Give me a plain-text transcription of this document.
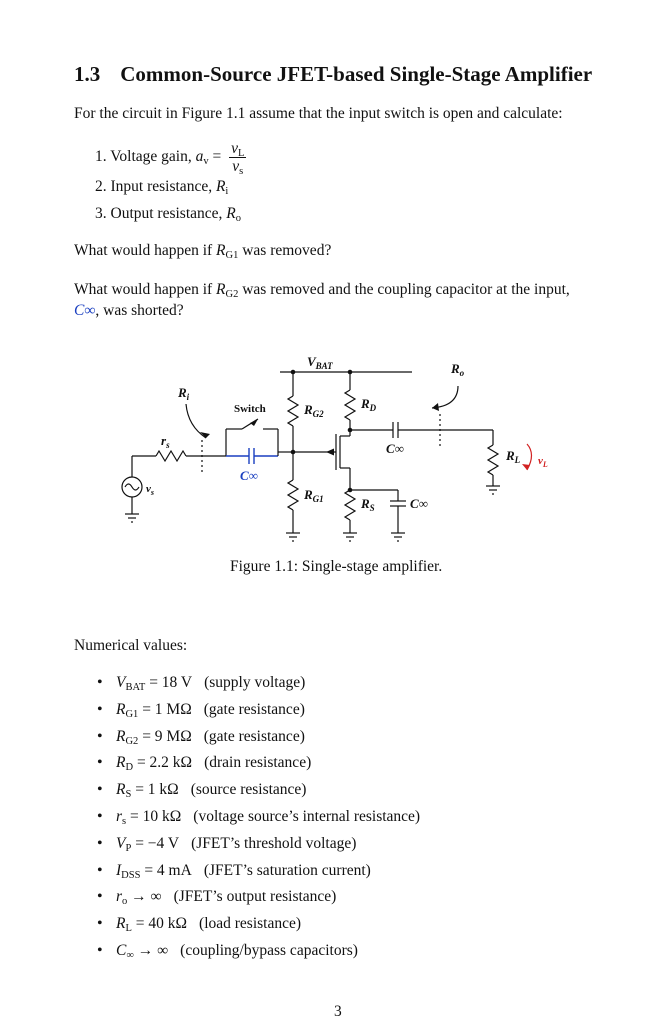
1.3 Common-Source JFET-based Single-Stage Amplifier
For the circuit in Figure 1.1 assume that the input switch is open and calculate:
1. Voltage gain, $a_v = \frac{v_L}{v_s}$
2. Input resistance, $R_i$
3. Output resistance, $R_o$
What would happen if $R_{G1}$ was removed?
What would happen if $R_{G2}$ was removed and the coupling capacitor at the input,
C∞, was shorted?
$V_{BAT}$	$R_o$
$R_i$
$R_{G2}$
$R_D$
$r_s$	C∞	$R_L$ $v_L$
$v_s$
C∞
$R_{G1}$	$R_S$	C∞
Switch
Figure 1.1: Single-stage amplifier.
Numerical values:
• $V_{BAT} = 18$ V (supply voltage)
• $R_{G1} = 1$ MΩ (gate resistance)
• $R_{G2} = 9$ MΩ (gate resistance)
• $R_D = 2.2$ kΩ (drain resistance)
• $R_S = 1$ kΩ (source resistance)
• $r_s = 10$ kΩ (voltage source’s internal resistance)
• $V_P = -4$ V (JFET’s threshold voltage)
• $I_{DSS} = 4$ mA (JFET’s saturation current)
• $r_o$ → ∞ (JFET’s output resistance)
• $R_L = 40$ kΩ (load resistance)
• $C_\infty$ → ∞ (coupling/bypass capacitors)
3
